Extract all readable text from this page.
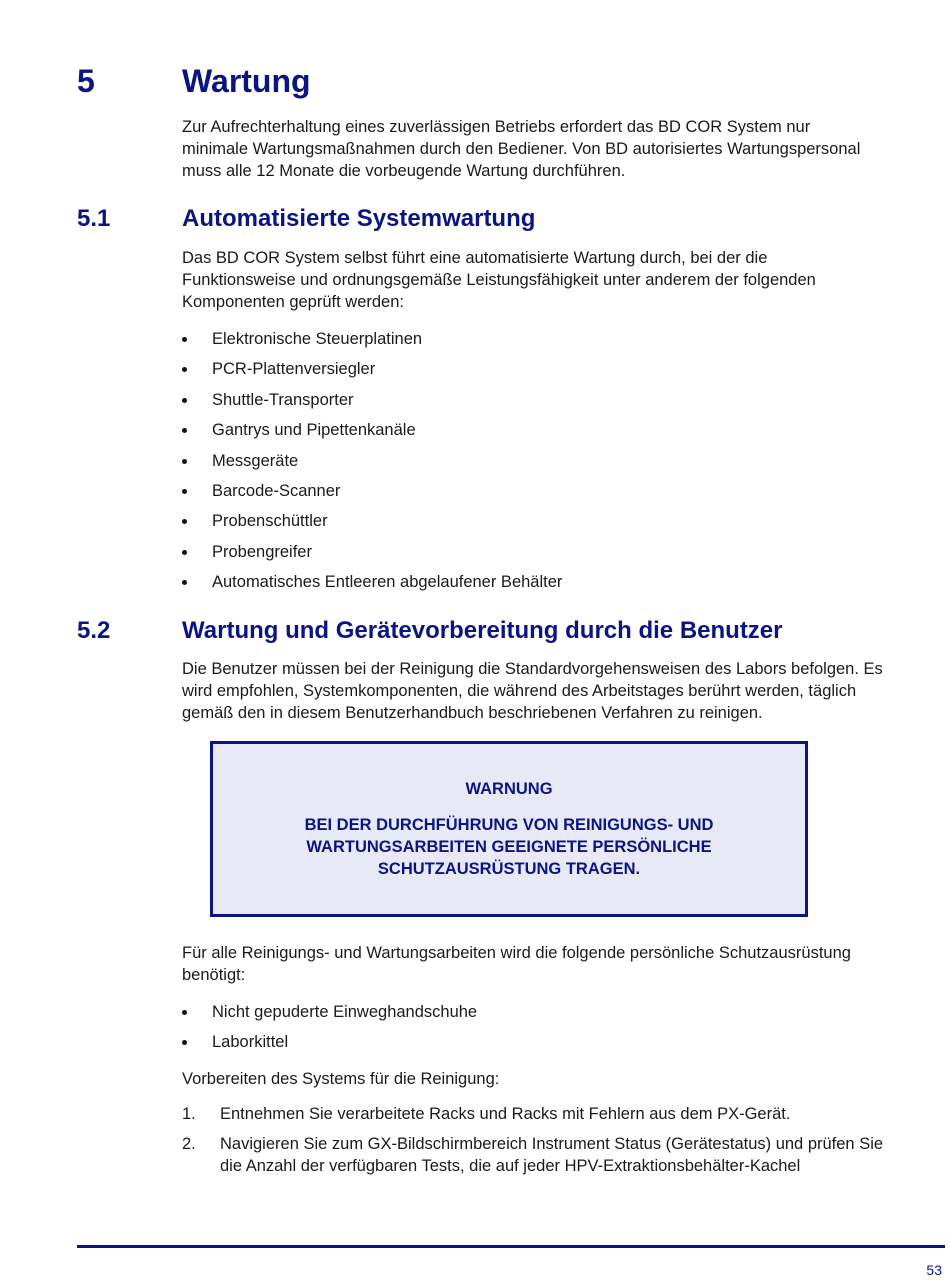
5	Wartung

Zur Aufrechterhaltung eines zuverlässigen Betriebs erfordert das BD COR System nur
minimale Wartungsmaßnahmen durch den Bediener. Von BD autorisiertes Wartungspersonal
muss alle 12 Monate die vorbeugende Wartung durchführen.

5.1	Automatisierte Systemwartung

Das BD COR System selbst führt eine automatisierte Wartung durch, bei der die
Funktionsweise und ordnungsgemäße Leistungsfähigkeit unter anderem der folgenden
Komponenten geprüft werden:

Elektronische Steuerplatinen
PCR-Plattenversiegler
Shuttle-Transporter
Gantrys und Pipettenkanäle
Messgeräte
Barcode-Scanner
Probenschüttler
Probengreifer
Automatisches Entleeren abgelaufener Behälter
5.2	Wartung und Gerätevorbereitung durch die Benutzer

Die Benutzer müssen bei der Reinigung die Standardvorgehensweisen des Labors befolgen. Es
wird empfohlen, Systemkomponenten, die während des Arbeitstages berührt werden, täglich
gemäß den in diesem Benutzerhandbuch beschriebenen Verfahren zu reinigen.

WARNUNG
BEI DER DURCHFÜHRUNG VON REINIGUNGS- UND
WARTUNGSARBEITEN GEEIGNETE PERSÖNLICHE
SCHUTZAUSRÜSTUNG TRAGEN.

Für alle Reinigungs- und Wartungsarbeiten wird die folgende persönliche Schutzausrüstung
benötigt:

Nicht gepuderte Einweghandschuhe
Laborkittel

Vorbereiten des Systems für die Reinigung:

1. Entnehmen Sie verarbeitete Racks und Racks mit Fehlern aus dem PX-Gerät.
2. Navigieren Sie zum GX-Bildschirmbereich Instrument Status (Gerätestatus) und prüfen Sie
die Anzahl der verfügbaren Tests, die auf jeder HPV-Extraktionsbehälter-Kachel
53
